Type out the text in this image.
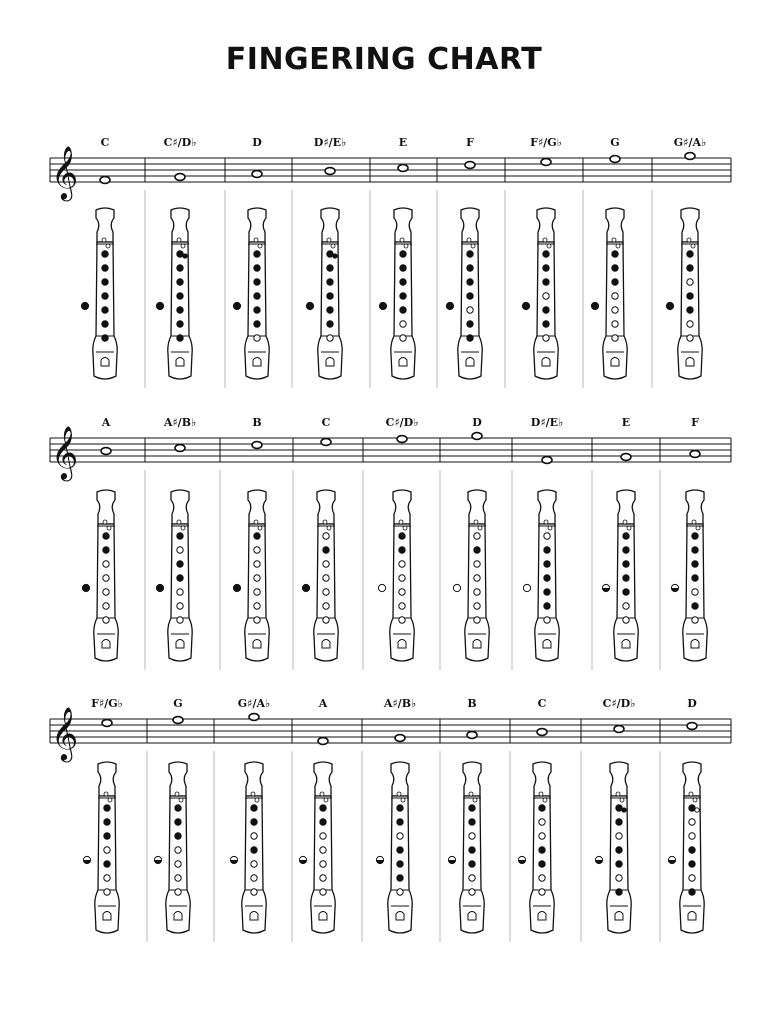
FINGERING CHART
𝄞
C	C♯/D♭	D	D♯/E♭	E	F	F♯/G♭	G	G♯/A♭
𝄞
A	A♯/B♭	B	C	C♯/D♭	D	D♯/E♭	E	F
𝄞
F♯/G♭	G	G♯/A♭	A	A♯/B♭	B	C	C♯/D♭	D
